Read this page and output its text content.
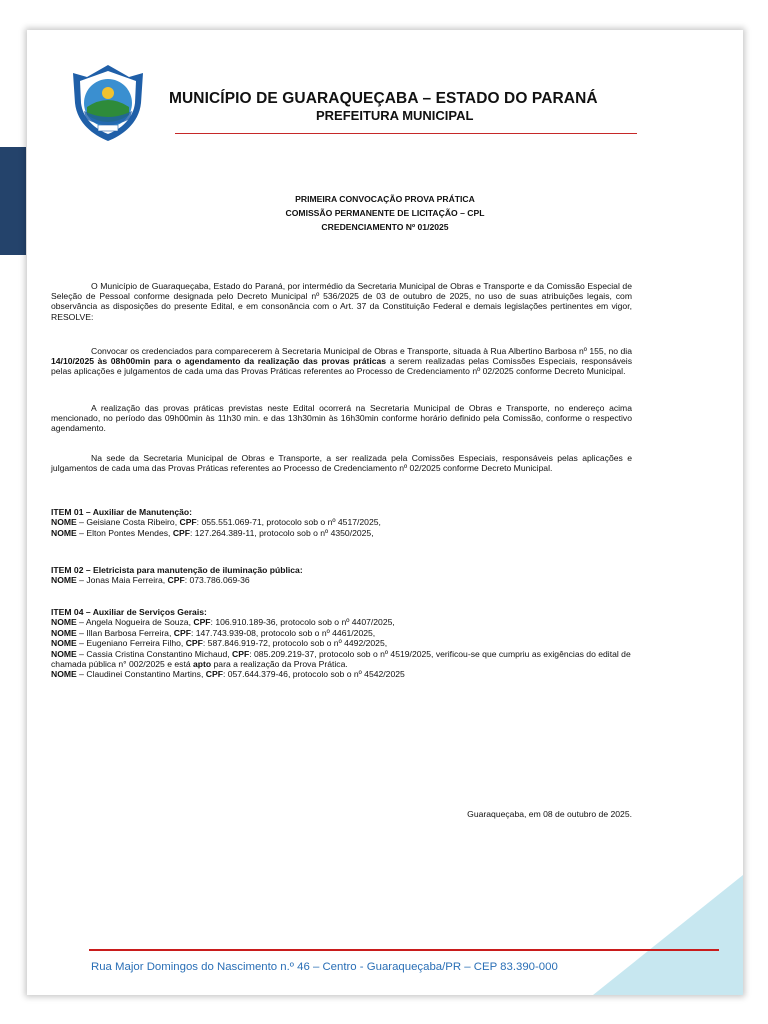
MUNICÍPIO DE GUARAQUEÇABA – ESTADO DO PARANÁ
PREFEITURA MUNICIPAL
PRIMEIRA CONVOCAÇÃO PROVA PRÁTICA
COMISSÃO PERMANENTE DE LICITAÇÃO – CPL
CREDENCIAMENTO Nº 01/2025
O Município de Guaraqueçaba, Estado do Paraná, por intermédio da Secretaria Municipal de Obras e Transporte e da Comissão Especial de Seleção de Pessoal conforme designada pelo Decreto Municipal nº 536/2025 de 03 de outubro de 2025, no uso de suas atribuições legais, com observância as disposições do presente Edital, e em consonância com o Art. 37 da Constituição Federal e demais legislações pertinentes em vigor, RESOLVE:
Convocar os credenciados para comparecerem à Secretaria Municipal de Obras e Transporte, situada à Rua Albertino Barbosa nº 155, no dia 14/10/2025 às 08h00min para o agendamento da realização das provas práticas a serem realizadas pelas Comissões Especiais, responsáveis pelas aplicações e julgamentos de cada uma das Provas Práticas referentes ao Processo de Credenciamento nº 02/2025 conforme Decreto Municipal.
A realização das provas práticas previstas neste Edital ocorrerá na Secretaria Municipal de Obras e Transporte, no endereço acima mencionado, no período das 09h00min às 11h30 min. e das 13h30min às 16h30min conforme horário definido pela Comissão, conforme o respectivo agendamento.
Na sede da Secretaria Municipal de Obras e Transporte, a ser realizada pela Comissões Especiais, responsáveis pelas aplicações e julgamentos de cada uma das Provas Práticas referentes ao Processo de Credenciamento nº 02/2025 conforme Decreto Municipal.
ITEM 01 – Auxiliar de Manutenção:

NOME – Geisiane Costa Ribeiro, CPF: 055.551.069-71, protocolo sob o nº 4517/2025,

NOME – Elton Pontes Mendes, CPF: 127.264.389-11, protocolo sob o nº 4350/2025,

ITEM 02 – Eletricista para manutenção de iluminação pública:

NOME – Jonas Maia Ferreira, CPF: 073.786.069-36

ITEM 04 – Auxiliar de Serviços Gerais:

NOME – Angela Nogueira de Souza, CPF: 106.910.189-36, protocolo sob o nº 4407/2025,

NOME – Illan Barbosa Ferreira, CPF: 147.743.939-08, protocolo sob o nº 4461/2025,

NOME – Eugeniano Ferreira Filho, CPF: 587.846.919-72, protocolo sob o nº 4492/2025,

NOME – Cassia Cristina Constantino Michaud, CPF: 085.209.219-37, protocolo sob o nº 4519/2025, verificou-se que cumpriu as exigências do edital de chamada pública n° 002/2025 e está apto para a realização da Prova Prática.

NOME – Claudinei Constantino Martins, CPF: 057.644.379-46, protocolo sob o nº 4542/2025

Guaraqueçaba, em 08 de outubro de 2025.
Rua Major Domingos do Nascimento n.º 46 – Centro - Guaraqueçaba/PR – CEP 83.390-000
